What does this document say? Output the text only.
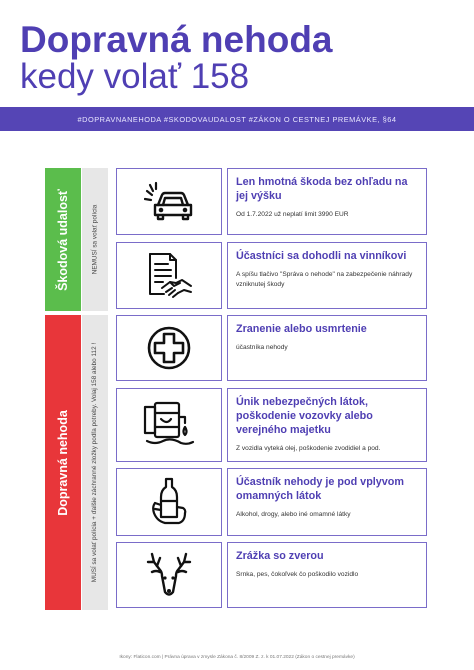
Dopravná nehoda
kedy volať 158
#DOPRAVNANEHODA #SKODOVAUDALOST #ZÁKON O CESTNEJ PREMÁVKE, §64
Škodová udalosť	NEMUSÍ sa volať polícia
Dopravná nehoda	MUSÍ sa volať polícia + ďalšie záchranné zložky podľa potreby. Volaj 158 alebo 112 !
Len hmotná škoda bez ohľadu na jej výšku
Od 1.7.2022 už neplatí limit 3990 EUR
Účastníci sa dohodli na vinníkovi
A spíšu tlačivo "Správa o nehode" na zabezpečenie náhrady vzniknutej škody
Zranenie alebo usmrtenie
účastníka nehody
Únik nebezpečných látok, poškodenie vozovky alebo verejného majetku
Z vozidla vyteká olej, poškodenie zvodidiel a pod.
Účastník nehody je pod vplyvom omamných látok
Alkohol, drogy, alebo iné omamné látky
Zrážka so zverou
Srnka, pes, čokoľvek čo poškodilo vozidlo
Ikony: Flaticon.com | Právna úprava v zmysle Zákona č. 8/2009 Z. z. k 01.07.2022 (Zákon o cestnej premávke)
